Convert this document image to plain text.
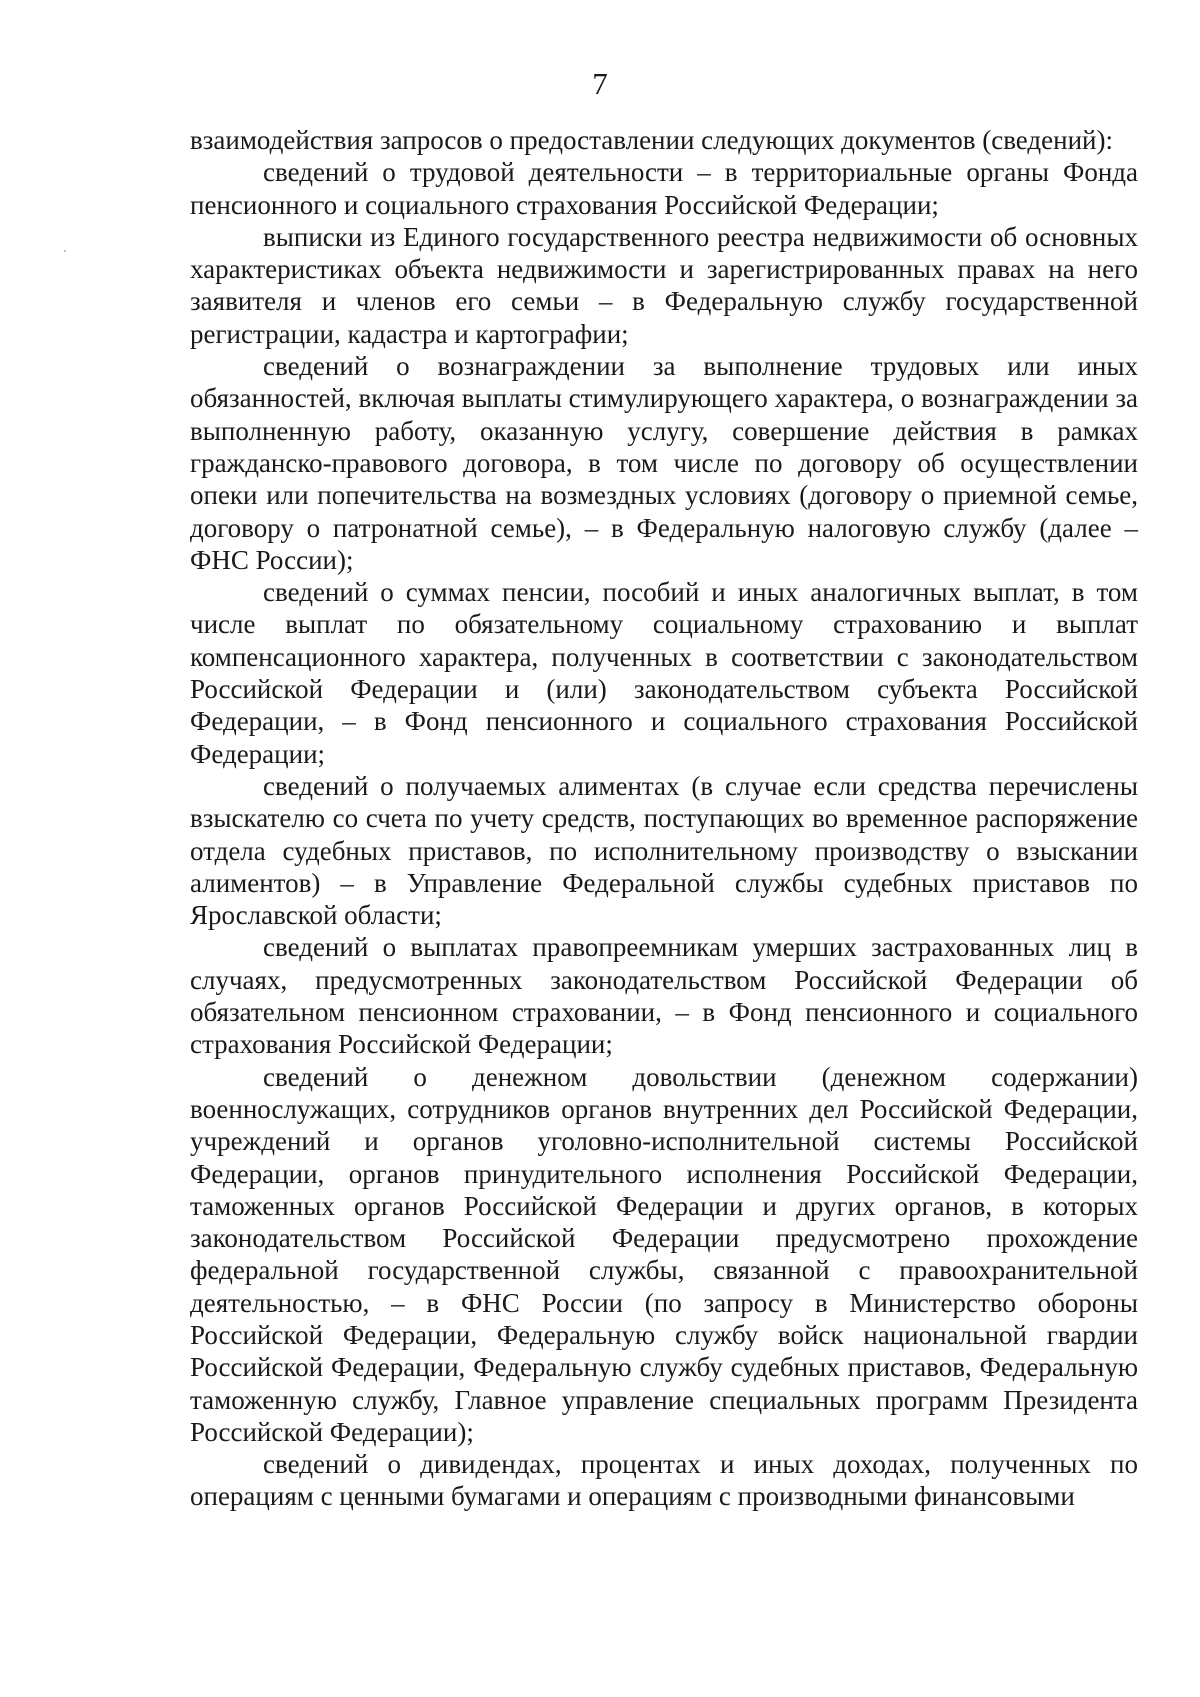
7

взаимодействия запросов о предоставлении следующих документов (сведений):

сведений о трудовой деятельности – в территориальные органы Фонда пенсионного и социального страхования Российской Федерации;

выписки из Единого государственного реестра недвижимости об основных характеристиках объекта недвижимости и зарегистрированных правах на него заявителя и членов его семьи – в Федеральную службу государственной регистрации, кадастра и картографии;

сведений о вознаграждении за выполнение трудовых или иных обязанностей, включая выплаты стимулирующего характера, о вознаграждении за выполненную работу, оказанную услугу, совершение действия в рамках гражданско-правового договора, в том числе по договору об осуществлении опеки или попечительства на возмездных условиях (договору о приемной семье, договору о патронатной семье), – в Федеральную налоговую службу (далее – ФНС России);

сведений о суммах пенсии, пособий и иных аналогичных выплат, в том числе выплат по обязательному социальному страхованию и выплат компенсационного характера, полученных в соответствии с законодательством Российской Федерации и (или) законодательством субъекта Российской Федерации, – в Фонд пенсионного и социального страхования Российской Федерации;

сведений о получаемых алиментах (в случае если средства перечислены взыскателю со счета по учету средств, поступающих во временное распоряжение отдела судебных приставов, по исполнительному производству о взыскании алиментов) – в Управление Федеральной службы судебных приставов по Ярославской области;

сведений о выплатах правопреемникам умерших застрахованных лиц в случаях, предусмотренных законодательством Российской Федерации об обязательном пенсионном страховании, – в Фонд пенсионного и социального страхования Российской Федерации;

сведений о денежном довольствии (денежном содержании) военнослужащих, сотрудников органов внутренних дел Российской Федерации, учреждений и органов уголовно-исполнительной системы Российской Федерации, органов принудительного исполнения Российской Федерации, таможенных органов Российской Федерации и других органов, в которых законодательством Российской Федерации предусмотрено прохождение федеральной государственной службы, связанной с правоохранительной деятельностью, – в ФНС России (по запросу в Министерство обороны Российской Федерации, Федеральную службу войск национальной гвардии Российской Федерации, Федеральную службу судебных приставов, Федеральную таможенную службу, Главное управление специальных программ Президента Российской Федерации);

сведений о дивидендах, процентах и иных доходах, полученных по операциям с ценными бумагами и операциям с производными финансовыми
